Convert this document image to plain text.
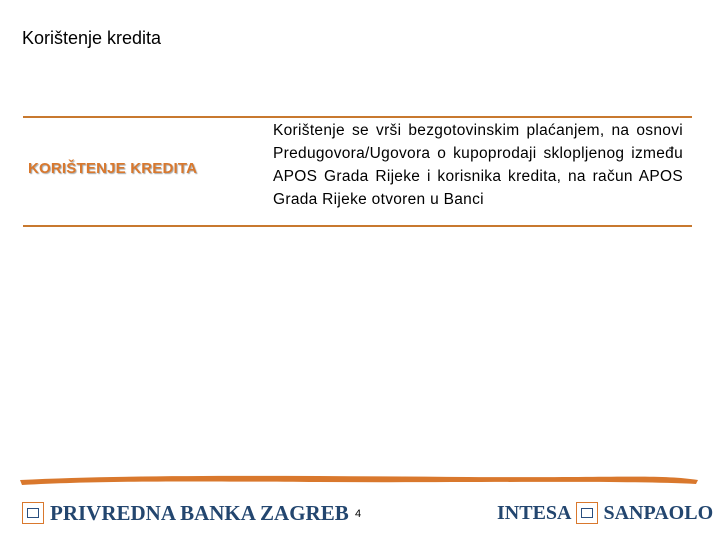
Korištenje kredita
KORIŠTENJE KREDITA
Korištenje se vrši bezgotovinskim plaćanjem, na osnovi Predugovora/Ugovora o kupoprodaji sklopljenog između APOS Grada Rijeke i korisnika kredita, na račun APOS Grada Rijeke otvoren u Banci
PRIVREDNA BANKA ZAGREB 4	INTESA SANPAOLO
